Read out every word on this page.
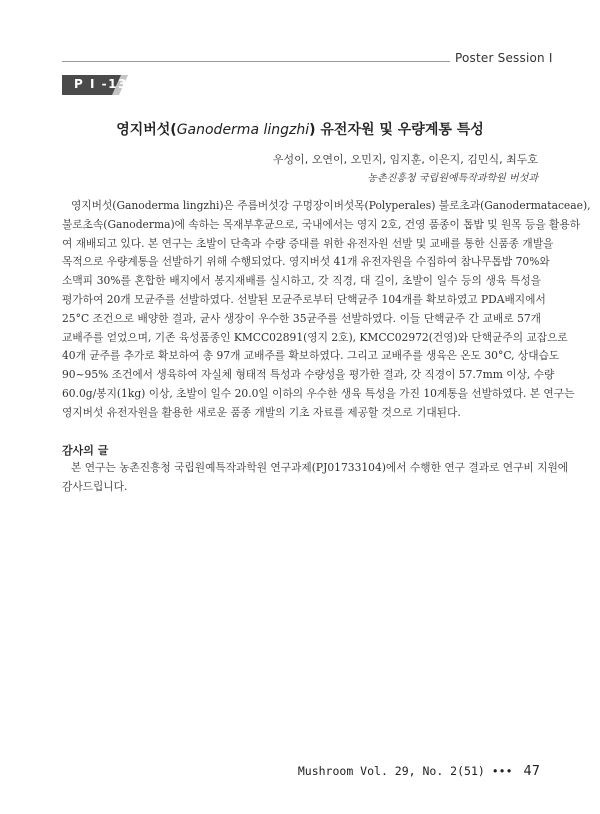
Poster Session Ⅰ
P I -13
영지버섯(Ganoderma lingzhi) 유전자원 및 우량계통 특성
우성이, 오연이, 오민지, 임지훈, 이은지, 김민식, 최두호
농촌진흥청 국립원예특작과학원 버섯과
영지버섯(Ganoderma lingzhi)은 주름버섯강 구멍장이버섯목(Polyperales) 불로초과(Ganodermataceae),
불로초속(Ganoderma)에 속하는 목재부후균으로, 국내에서는 영지 2호, 건영 품종이 톱밥 및 원목 등을 활용하
여 재배되고 있다. 본 연구는 초발이 단축과 수량 증대를 위한 유전자원 선발 및 교배를 통한 신품종 개발을
목적으로 우량계통을 선발하기 위해 수행되었다. 영지버섯 41개 유전자원을 수집하여 참나무톱밥 70%와
소맥피 30%를 혼합한 배지에서 봉지재배를 실시하고, 갓 직경, 대 길이, 초발이 일수 등의 생육 특성을
평가하여 20개 모균주를 선발하였다. 선발된 모균주로부터 단핵균주 104개를 확보하였고 PDA배지에서
25°C 조건으로 배양한 결과, 균사 생장이 우수한 35균주를 선발하였다. 이들 단핵균주 간 교배로 57개
교배주를 얻었으며, 기존 육성품종인 KMCC02891(영지 2호), KMCC02972(건영)와 단핵균주의 교잡으로
40개 균주를 추가로 확보하여 총 97개 교배주를 확보하였다. 그리고 교배주를 생육은 온도 30°C, 상대습도
90~95% 조건에서 생육하여 자실체 형태적 특성과 수량성을 평가한 결과, 갓 직경이 57.7mm 이상, 수량
60.0g/봉지(1kg) 이상, 초발이 일수 20.0일 이하의 우수한 생육 특성을 가진 10계통을 선발하였다. 본 연구는
영지버섯 유전자원을 활용한 새로운 품종 개발의 기초 자료를 제공할 것으로 기대된다.
감사의 글
본 연구는 농촌진흥청 국립원예특작과학원 연구과제(PJ01733104)에서 수행한 연구 결과로 연구비 지원에
감사드립니다.
Mushroom Vol. 29, No. 2(51) ••• 47
